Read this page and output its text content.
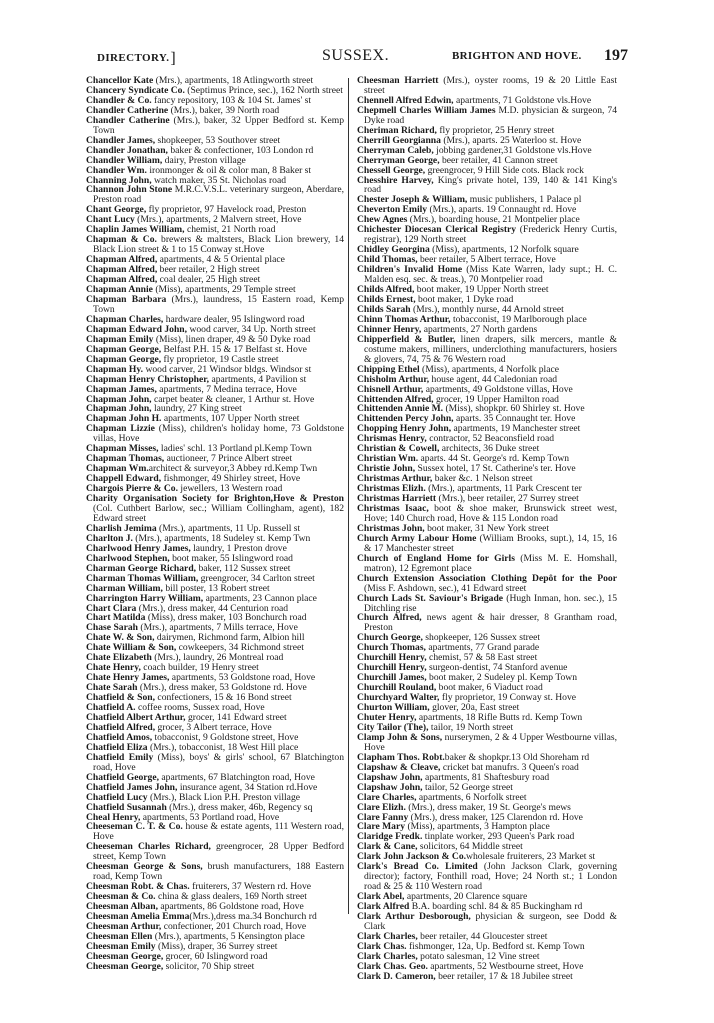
DIRECTORY.]	SUSSEX.	BRIGHTON AND HOVE. 197
Chancellor Kate (Mrs.), apartments, 18 Atlingworth street
Chancery Syndicate Co. (Septimus Prince, sec.), 162 North street
Chandler & Co. fancy repository, 103 & 104 St. James' st
Chandler Catherine (Mrs.), baker, 39 North road
Chandler Catherine (Mrs.), baker, 32 Upper Bedford st. Kemp Town
Chandler James, shopkeeper, 53 Southover street
Chandler Jonathan, baker & confectioner, 103 London rd
Chandler William, dairy, Preston village
Chandler Wm. ironmonger & oil & color man, 8 Baker st
Channing John, watch maker, 35 St. Nicholas road
Channon John Stone M.R.C.V.S.L. veterinary surgeon, Aberdare, Preston road
Chant George, fly proprietor, 97 Havelock road, Preston
Chant Lucy (Mrs.), apartments, 2 Malvern street, Hove
Chaplin James William, chemist, 21 North road
Chapman & Co. brewers & maltsters, Black Lion brewery, 14 Black Lion street & 1 to 15 Conway st.Hove
Chapman Alfred, apartments, 4 & 5 Oriental place
Chapman Alfred, beer retailer, 2 High street
Chapman Alfred, coal dealer, 25 High street
Chapman Annie (Miss), apartments, 29 Temple street
Chapman Barbara (Mrs.), laundress, 15 Eastern road, Kemp Town
Chapman Charles, hardware dealer, 95 Islingword road
Chapman Edward John, wood carver, 34 Up. North street
Chapman Emily (Miss), linen draper, 49 & 50 Dyke road
Chapman George, Belfast P.H. 15 & 17 Belfast st. Hove
Chapman George, fly proprietor, 19 Castle street
Chapman Hy. wood carver, 21 Windsor bldgs. Windsor st
Chapman Henry Christopher, apartments, 4 Pavilion st
Chapman James, apartments, 7 Medina terrace, Hove
Chapman John, carpet beater & cleaner, 1 Arthur st. Hove
Chapman John, laundry, 27 King street
Chapman John H. apartments, 107 Upper North street
Chapman Lizzie (Miss), children's holiday home, 73 Goldstone villas, Hove
Chapman Misses, ladies' schl. 13 Portland pl.Kemp Town
Chapman Thomas, auctioneer, 7 Prince Albert street
Chapman Wm.architect & surveyor,3 Abbey rd.Kemp Twn
Chappell Edward, fishmonger, 49 Shirley street, Hove
Chargois Pierre & Co. jewellers, 13 Western road
Charity Organisation Society for Brighton,Hove & Preston (Col. Cuthbert Barlow, sec.; William Collingham, agent), 182 Edward street
Charlish Jemima (Mrs.), apartments, 11 Up. Russell st
Charlton J. (Mrs.), apartments, 18 Sudeley st. Kemp Twn
Charlwood Henry James, laundry, 1 Preston drove
Charlwood Stephen, boot maker, 55 Islingword road
Charman George Richard, baker, 112 Sussex street
Charman Thomas William, greengrocer, 34 Carlton street
Charman William, bill poster, 13 Robert street
Charrington Harry William, apartments, 23 Cannon place
Chart Clara (Mrs.), dress maker, 44 Centurion road
Chart Matilda (Miss), dress maker, 103 Bonchurch road
Chase Sarah (Mrs.), apartments, 7 Mills terrace, Hove
Chate W. & Son, dairymen, Richmond farm, Albion hill
Chate William & Son, cowkeepers, 34 Richmond street
Chate Elizabeth (Mrs.), laundry, 26 Montreal road
Chate Henry, coach builder, 19 Henry street
Chate Henry James, apartments, 53 Goldstone road, Hove
Chate Sarah (Mrs.), dress maker, 53 Goldstone rd. Hove
Chatfield & Son, confectioners, 15 & 16 Bond street
Chatfield A. coffee rooms, Sussex road, Hove
Chatfield Albert Arthur, grocer, 141 Edward street
Chatfield Alfred, grocer, 3 Albert terrace, Hove
Chatfield Amos, tobacconist, 9 Goldstone street, Hove
Chatfield Eliza (Mrs.), tobacconist, 18 West Hill place
Chatfield Emily (Miss), boys' & girls' school, 67 Blatchington road, Hove
Chatfield George, apartments, 67 Blatchington road, Hove
Chatfield James John, insurance agent, 34 Station rd.Hove
Chatfield Lucy (Mrs.), Black Lion P.H. Preston village
Chatfield Susannah (Mrs.), dress maker, 46b, Regency sq
Cheal Henry, apartments, 53 Portland road, Hove
Cheeseman C. T. & Co. house & estate agents, 111 Western road, Hove
Cheeseman Charles Richard, greengrocer, 28 Upper Bedford street, Kemp Town
Cheesman George & Sons, brush manufacturers, 188 Eastern road, Kemp Town
Cheesman Robt. & Chas. fruiterers, 37 Western rd. Hove
Cheesman & Co. china & glass dealers, 169 North street
Cheesman Alban, apartments, 86 Goldstone road, Hove
Cheesman Amelia Emma(Mrs.),dress ma.34 Bonchurch rd
Cheesman Arthur, confectioner, 201 Church road, Hove
Cheesman Ellen (Mrs.), apartments, 5 Kensington place
Cheesman Emily (Miss), draper, 36 Surrey street
Cheesman George, grocer, 60 Islingword road
Cheesman George, solicitor, 70 Ship street
Cheesman Harriett (Mrs.), oyster rooms, 19 & 20 Little East street
Chennell Alfred Edwin, apartments, 71 Goldstone vls.Hove
Chepmell Charles William James M.D. physician & surgeon, 74 Dyke road
Cheriman Richard, fly proprietor, 25 Henry street
Cherrill Georgianna (Mrs.), aparts. 25 Waterloo st. Hove
Cherryman Caleb, jobbing gardener,31 Goldstone vls.Hove
Cherryman George, beer retailer, 41 Cannon street
Chessell George, greengrocer, 9 Hill Side cots. Black rock
Chesshire Harvey, King's private hotel, 139, 140 & 141 King's road
Chester Joseph & William, music publishers, 1 Palace pl
Cheverton Emily (Mrs.), aparts. 19 Connaught rd. Hove
Chew Agnes (Mrs.), boarding house, 21 Montpelier place
Chichester Diocesan Clerical Registry (Frederick Henry Curtis, registrar), 129 North street
Chidley Georgina (Miss), apartments, 12 Norfolk square
Child Thomas, beer retailer, 5 Albert terrace, Hove
Children's Invalid Home (Miss Kate Warren, lady supt.; H. C. Malden esq. sec. & treas.), 70 Montpelier road
Childs Alfred, boot maker, 19 Upper North street
Childs Ernest, boot maker, 1 Dyke road
Childs Sarah (Mrs.), monthly nurse, 44 Arnold street
Chinn Thomas Arthur, tobacconist, 19 Marlborough place
Chinner Henry, apartments, 27 North gardens
Chipperfield & Butler, linen drapers, silk mercers, mantle & costume makers, milliners, underclothing manufacturers, hosiers & glovers, 74, 75 & 76 Western road
Chipping Ethel (Miss), apartments, 4 Norfolk place
Chisholm Arthur, house agent, 44 Caledonian road
Chisnell Arthur, apartments, 49 Goldstone villas, Hove
Chittenden Alfred, grocer, 19 Upper Hamilton road
Chittenden Annie M. (Miss), shopkpr. 60 Shirley st. Hove
Chittenden Percy John, aparts. 35 Connaught ter. Hove
Chopping Henry John, apartments, 19 Manchester street
Chrismas Henry, contractor, 52 Beaconsfield road
Christian & Cowell, architects, 36 Duke street
Christian Wm. aparts. 44 St. George's rd. Kemp Town
Christie John, Sussex hotel, 17 St. Catherine's ter. Hove
Christmas Arthur, baker &c. 1 Nelson street
Christmas Elizh. (Mrs.), apartments, 11 Park Crescent ter
Christmas Harriett (Mrs.), beer retailer, 27 Surrey street
Christmas Isaac, boot & shoe maker, Brunswick street west, Hove; 140 Church road, Hove & 115 London road
Christmas John, boot maker, 31 New York street
Church Army Labour Home (William Brooks, supt.), 14, 15, 16 & 17 Manchester street
Church of England Home for Girls (Miss M. E. Homshall, matron), 12 Egremont place
Church Extension Association Clothing Depôt for the Poor (Miss F. Ashdown, sec.), 41 Edward street
Church Lads St. Saviour's Brigade (Hugh Inman, hon. sec.), 15 Ditchling rise
Church Alfred, news agent & hair dresser, 8 Grantham road, Preston
Church George, shopkeeper, 126 Sussex street
Church Thomas, apartments, 77 Grand parade
Churchill Henry, chemist, 57 & 58 East street
Churchill Henry, surgeon-dentist, 74 Stanford avenue
Churchill James, boot maker, 2 Sudeley pl. Kemp Town
Churchill Rouland, boot maker, 6 Viaduct road
Churchyard Walter, fly proprietor, 19 Conway st. Hove
Churton William, glover, 20a, East street
Chuter Henry, apartments, 18 Rifle Butts rd. Kemp Town
City Tailor (The), tailor, 19 North street
Clamp John & Sons, nurserymen, 2 & 4 Upper Westbourne villas, Hove
Clapham Thos. Robt.baker & shopkpr.13 Old Shoreham rd
Clapshaw & Cleave, cricket bat manufrs. 3 Queen's road
Clapshaw John, apartments, 81 Shaftesbury road
Clapshaw John, tailor, 52 George street
Clare Charles, apartments, 6 Norfolk street
Clare Elizh. (Mrs.), dress maker, 19 St. George's mews
Clare Fanny (Mrs.), dress maker, 125 Clarendon rd. Hove
Clare Mary (Miss), apartments, 3 Hampton place
Claridge Fredk. tinplate worker, 293 Queen's Park road
Clark & Cane, solicitors, 64 Middle street
Clark John Jackson & Co.wholesale fruiterers, 23 Market st
Clark's Bread Co. Limited (John Jackson Clark, governing director); factory, Fonthill road, Hove; 24 North st.; 1 London road & 25 & 110 Western road
Clark Abel, apartments, 20 Clarence square
Clark Alfred B.A. boarding schl. 84 & 85 Buckingham rd
Clark Arthur Desborough, physician & surgeon, see Dodd & Clark
Clark Charles, beer retailer, 44 Gloucester street
Clark Chas. fishmonger, 12a, Up. Bedford st. Kemp Town
Clark Charles, potato salesman, 12 Vine street
Clark Chas. Geo. apartments, 52 Westbourne street, Hove
Clark D. Cameron, beer retailer, 17 & 18 Jubilee street
